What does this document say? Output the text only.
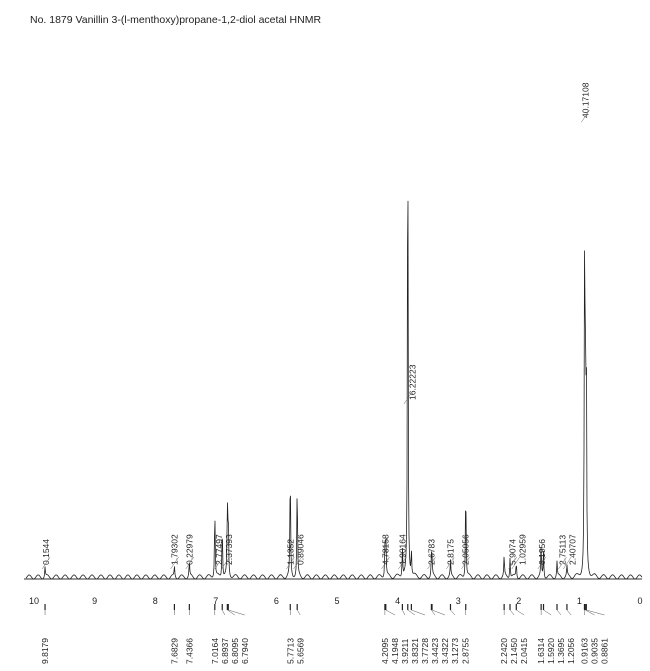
No. 1879 Vanillin 3-(l-menthoxy)propane-1,2-diol acetal HNMR
10	9	8	7	6	5	4	3	2	1	0
9.8179	7.6829 7.4366 7.0164 6.8937 6.8095 6.7940	5.7713 5.6569	4.2095 4.1948 3.9211 3.8321 3.7728 3.4423 3.4322 3.1273 2.8755	2.2420 2.1450 2.0415 1.6314 1.5920 1.3695 1.2056 0.9163 0.9035 0.8861
0.1544	1.79302 0.22979 2.77497 2.37393	1.1352 0.89046	4.78158 1.90164
16.22223
2.6783 2.8175 2.05056	5.9074 1.02959 6.1956 2.75113 2.40707
40.17108
